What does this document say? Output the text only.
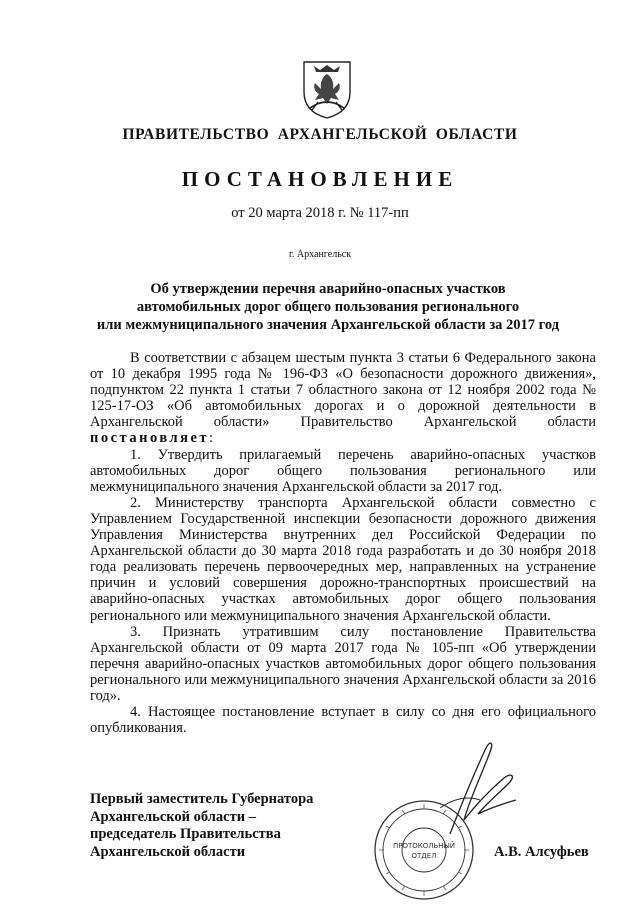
ПРАВИТЕЛЬСТВО АРХАНГЕЛЬСКОЙ ОБЛАСТИ
ПОСТАНОВЛЕНИЕ
от 20 марта 2018 г. № 117-пп
г. Архангельск
Об утверждении перечня аварийно-опасных участков
автомобильных дорог общего пользования регионального
или межмуниципального значения Архангельской области за 2017 год

В соответствии с абзацем шестым пункта 3 статьи 6 Федерального закона от 10 декабря 1995 года № 196-ФЗ «О безопасности дорожного движения», подпунктом 22 пункта 1 статьи 7 областного закона от 12 ноября 2002 года № 125-17-ОЗ «Об автомобильных дорогах и о дорожной деятельности в Архангельской области» Правительство Архангельской области постановляет:

1. Утвердить прилагаемый перечень аварийно-опасных участков автомобильных дорог общего пользования регионального или межмуниципального значения Архангельской области за 2017 год.

2. Министерству транспорта Архангельской области совместно с Управлением Государственной инспекции безопасности дорожного движения Управления Министерства внутренних дел Российской Федерации по Архангельской области до 30 марта 2018 года разработать и до 30 ноября 2018 года реализовать перечень первоочередных мер, направленных на устранение причин и условий совершения дорожно-транспортных происшествий на аварийно-опасных участках автомобильных дорог общего пользования регионального или межмуниципального значения Архангельской области.

3. Признать утратившим силу постановление Правительства Архангельской области от 09 марта 2017 года № 105-пп «Об утверждении перечня аварийно-опасных участков автомобильных дорог общего пользования регионального или межмуниципального значения Архангельской области за 2016 год».

4. Настоящее постановление вступает в силу со дня его официального опубликования.

Первый заместитель Губернатора
Архангельской области –
председатель Правительства
Архангельской области	ПРОТОКОЛЬНЫЙ
ОТДЕЛ	А.В. Алсуфьев
